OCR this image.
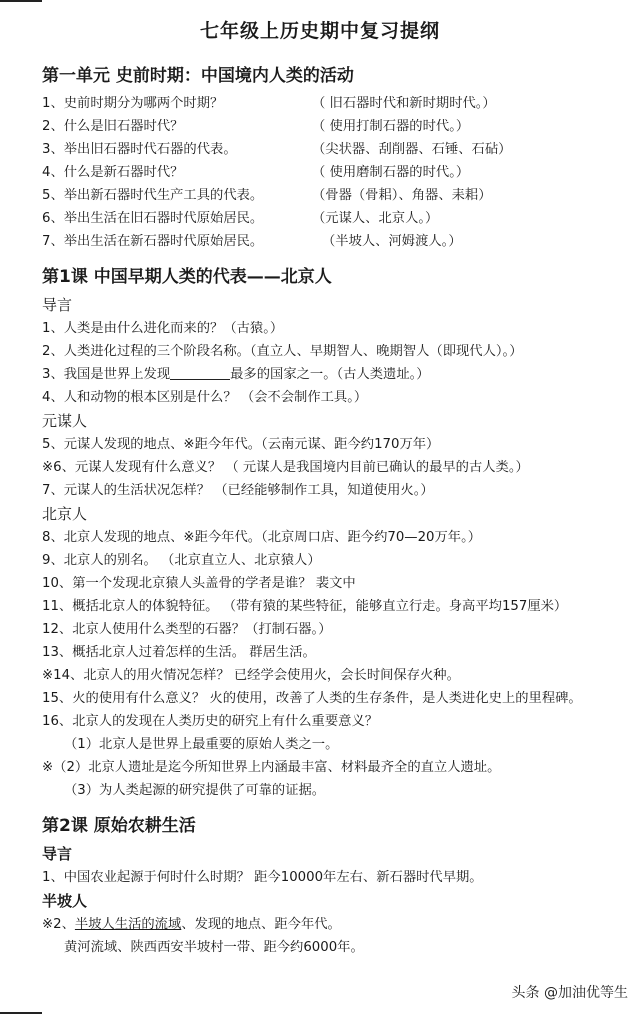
七年级上历史期中复习提纲
第一单元 史前时期：中国境内人类的活动
1、史前时期分为哪两个时期？	（ 旧石器时代和新时期时代。）
2、什么是旧石器时代？	（ 使用打制石器的时代。）
3、举出旧石器时代石器的代表。	（尖状器、刮削器、石锤、石砧）
4、什么是新石器时代？	（ 使用磨制石器的时代。）
5、举出新石器时代生产工具的代表。	（骨器（骨耜）、角器、耒耜）
6、举出生活在旧石器时代原始居民。	（元谋人、北京人。）
7、举出生活在新石器时代原始居民。	（半坡人、河姆渡人。）
第1课 中国早期人类的代表——北京人
导言
1、人类是由什么进化而来的？（古猿。）
2、人类进化过程的三个阶段名称。（直立人、早期智人、晚期智人（即现代人）。）
3、我国是世界上发现	最多的国家之一。（古人类遗址。）
4、人和动物的根本区别是什么？ （会不会制作工具。）
元谋人
5、元谋人发现的地点、※距今年代。（云南元谋、距今约170万年）
※6、元谋人发现有什么意义？ （ 元谋人是我国境内目前已确认的最早的古人类。）
7、元谋人的生活状况怎样？ （已经能够制作工具，知道使用火。）
北京人
8、北京人发现的地点、※距今年代。（北京周口店、距今约70—20万年。）
9、北京人的别名。 （北京直立人、北京猿人）
10、第一个发现北京猿人头盖骨的学者是谁？ 裴文中
11、概括北京人的体貌特征。 （带有猿的某些特征，能够直立行走。身高平均157厘米）
12、北京人使用什么类型的石器？（打制石器。）
13、概括北京人过着怎样的生活。 群居生活。
※14、北京人的用火情况怎样？ 已经学会使用火，会长时间保存火种。
15、火的使用有什么意义？ 火的使用，改善了人类的生存条件，是人类进化史上的里程碑。
16、北京人的发现在人类历史的研究上有什么重要意义？
（1）北京人是世界上最重要的原始人类之一。
※（2）北京人遗址是迄今所知世界上内涵最丰富、材料最齐全的直立人遗址。
（3）为人类起源的研究提供了可靠的证据。
第2课 原始农耕生活
导言
1、中国农业起源于何时什么时期？ 距今10000年左右、新石器时代早期。
半坡人
※2、半坡人生活的流域、发现的地点、距今年代。
黄河流域、陕西西安半坡村一带、距今约6000年。
头条 @加油优等生
